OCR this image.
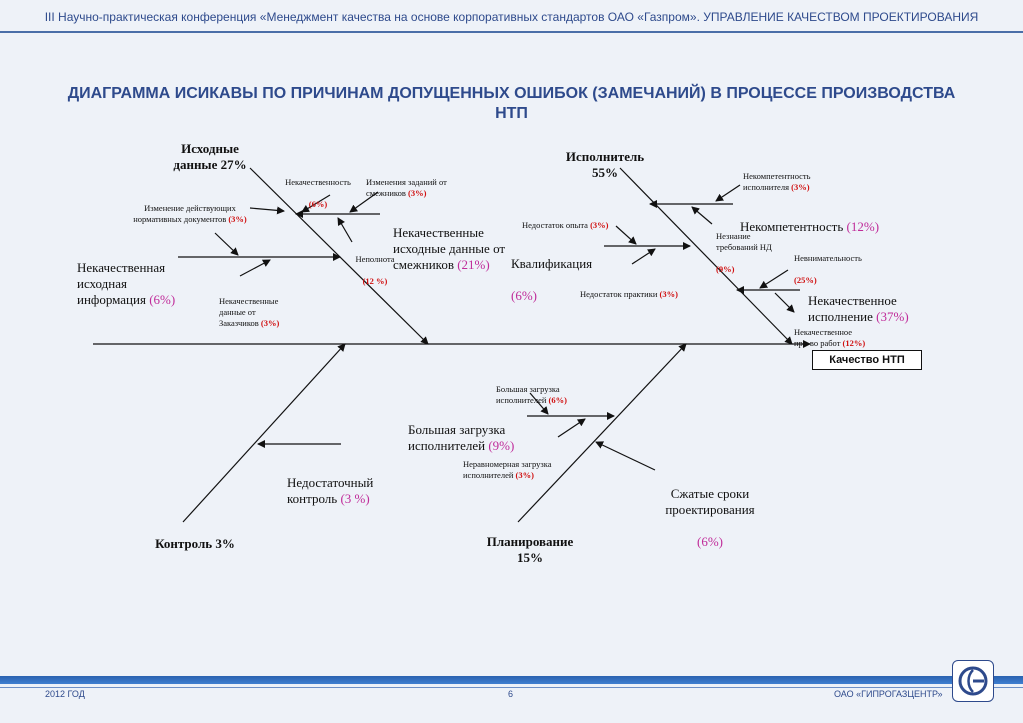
III Научно-практическая конференция «Менеджмент качества на основе корпоративных стандартов ОАО «Газпром». УПРАВЛЕНИЕ КАЧЕСТВОМ ПРОЕКТИРОВАНИЯ
ДИАГРАММА ИСИКАВЫ ПО ПРИЧИНАМ ДОПУЩЕННЫХ ОШИБОК (ЗАМЕЧАНИЙ) В ПРОЦЕССЕ ПРОИЗВОДСТВА НТП
Качество НТП
Исходные
данные 27%
Исполнитель
55%
Контроль 3%	Планирование
15%

Некачественность

(6%)

Изменения заданий от
смежников (3%)

Изменение действующих
нормативных документов (3%)

Некачественные
исходные данные от
смежников (21%)

Неполнота

(12 %)

Некачественная
исходная
информация (6%)	Некачественные
данные от
Заказчиков (3%)

Некомпетентность
исполнителя (3%)

Некомпетентность (12%)

Недостаток опыта (3%)

Незнание
требований НД

(9%)

Квалификация

(6%)

Невнимательность

(25%)

Недостаток практики (3%)	Некачественное
исполнение (37%)

Некачественное
про-во работ (12%)

Недостаточный
контроль (3 %)

Большая загрузка
исполнителей (6%)

Большая загрузка
исполнителей (9%)

Неравномерная загрузка
исполнителей (3%)

Сжатые сроки
проектирования

(6%)

2012 ГОД	6	ОАО «ГИПРОГАЗЦЕНТР»
